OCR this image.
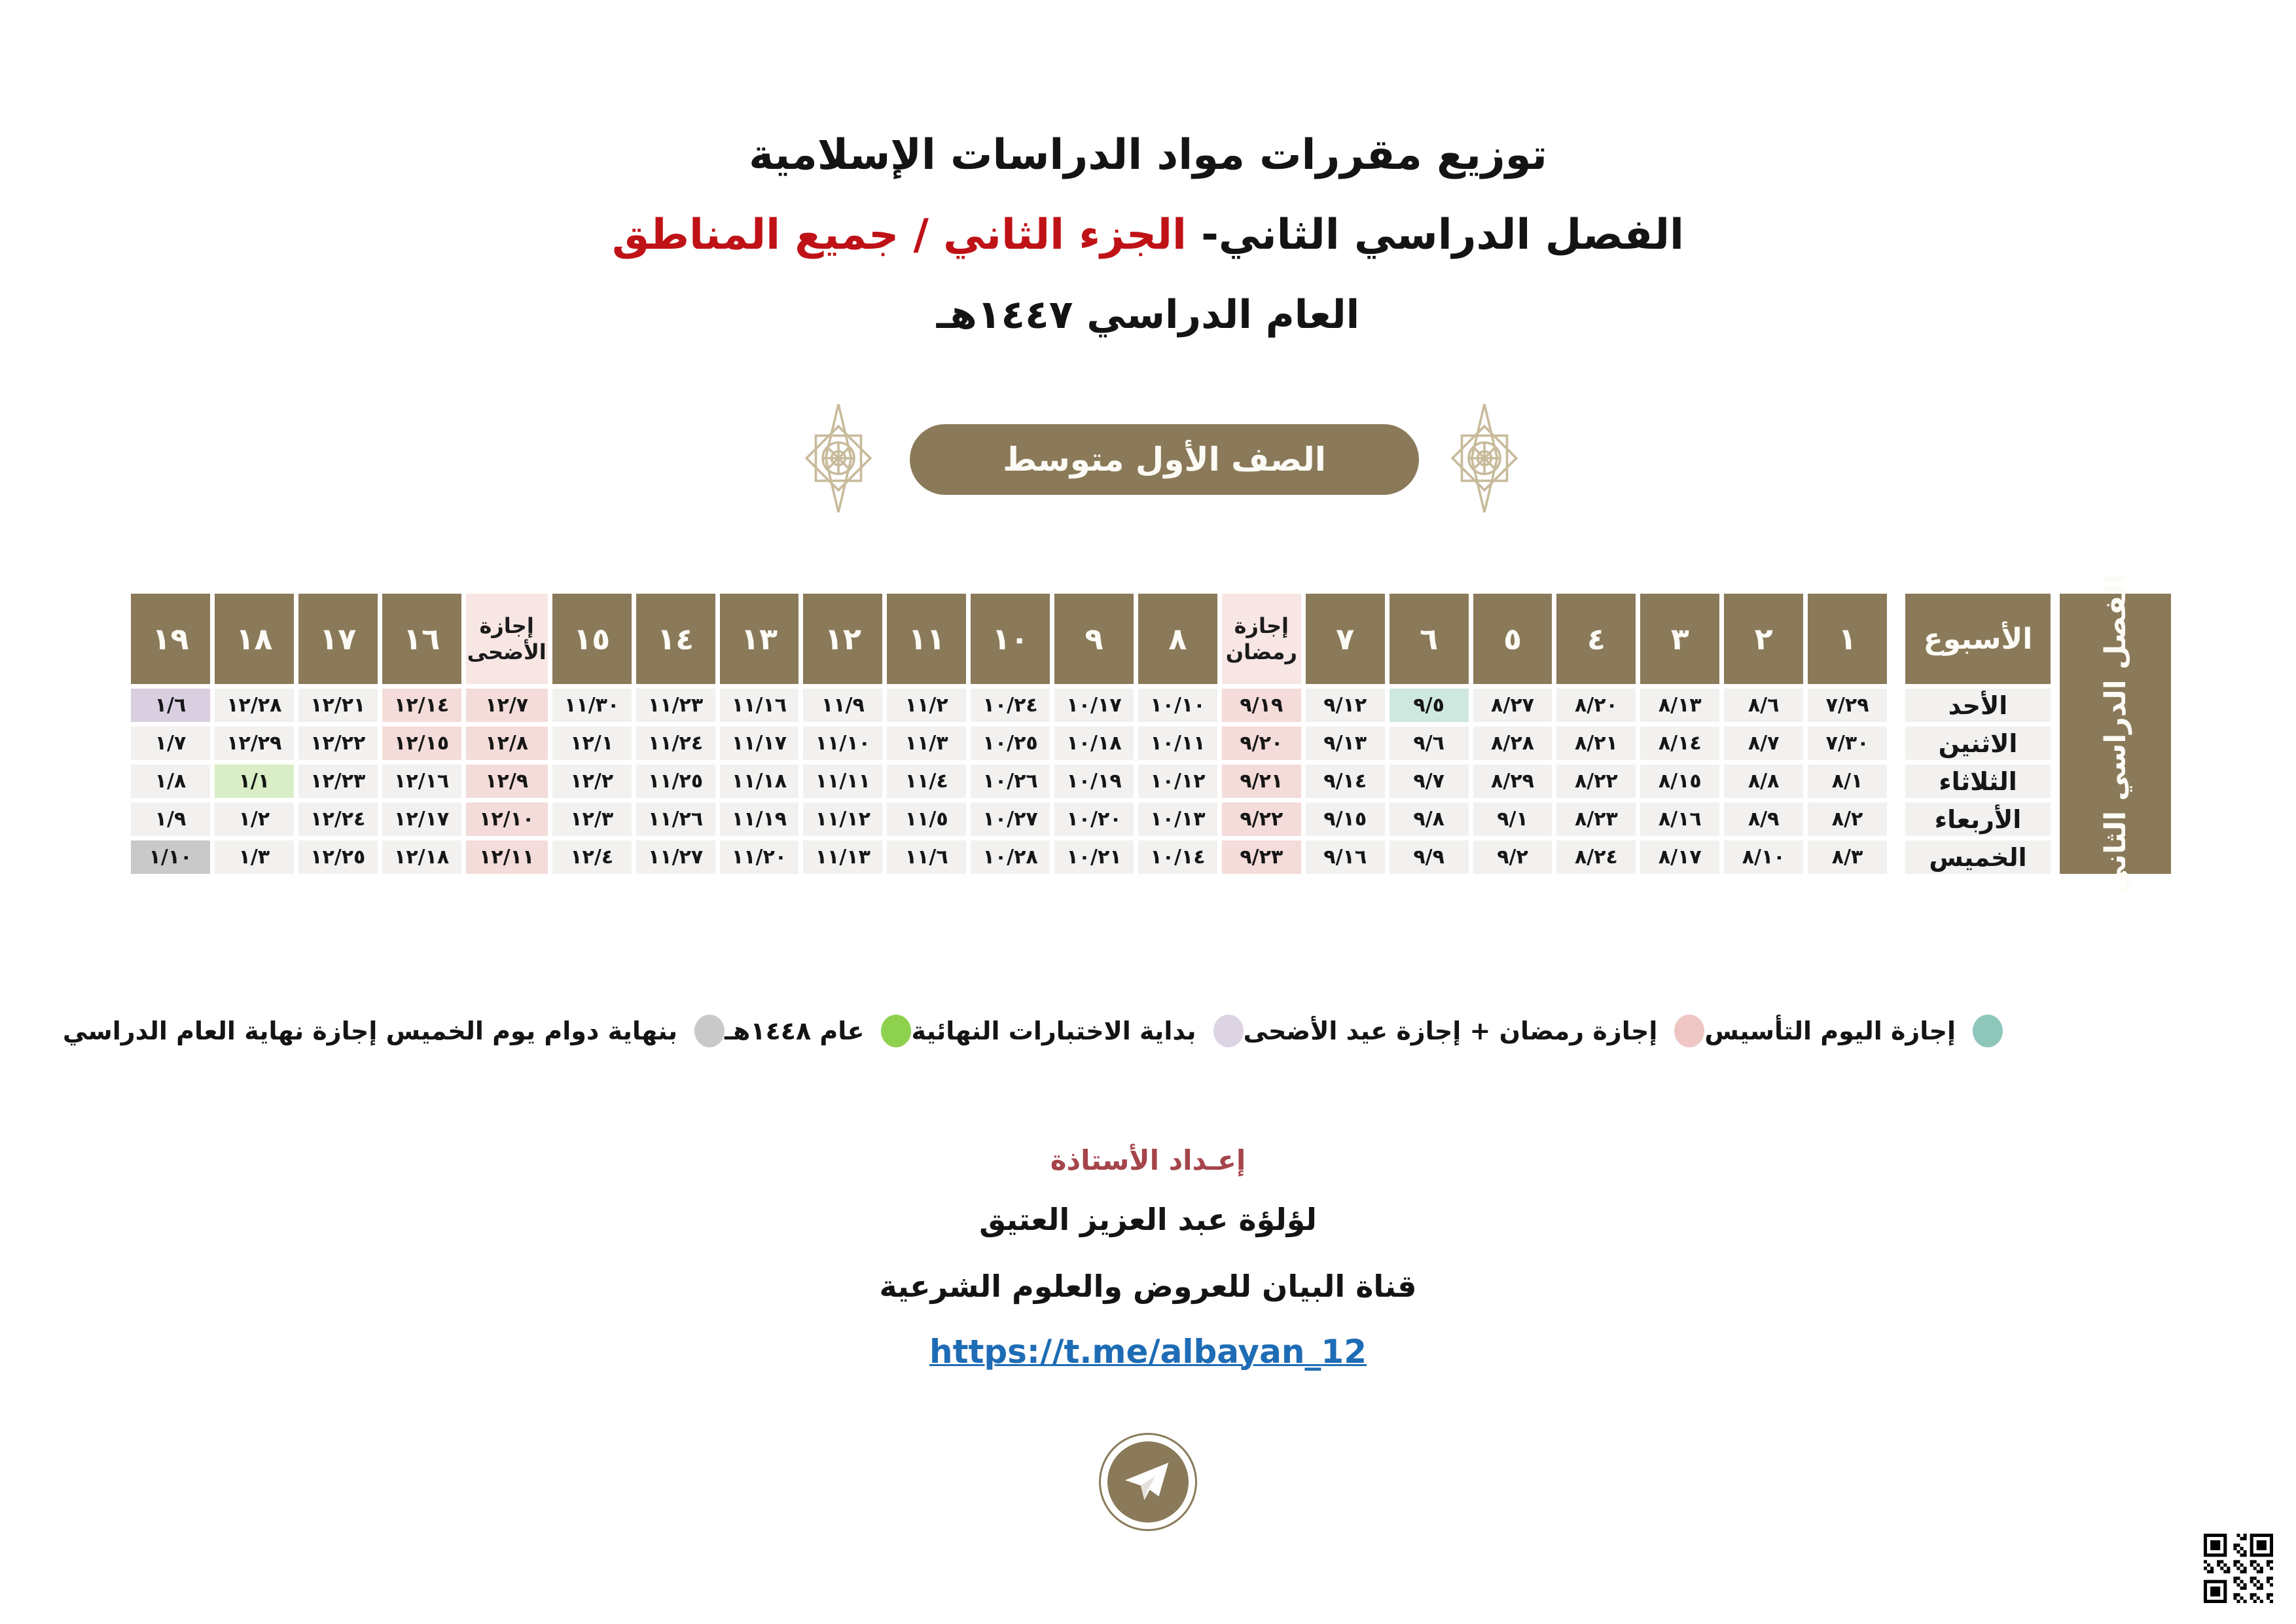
توزيع مقررات مواد الدراسات الإسلامية
الفصل الدراسي الثاني- الجزء الثاني / جميع المناطق
العام الدراسي ١٤٤٧هـ
الصف الأول متوسط
١
٢
٣
٤
٥
٦
٧
إجازة رمضان
٨
٩
١٠
١١
١٢
١٣
١٤
١٥
إجازة الأضحى
١٦
١٧
١٨
١٩
٧/٢٩
٨/٦
٨/١٣
٨/٢٠
٨/٢٧
٩/٥
٩/١٢
٩/١٩
١٠/١٠
١٠/١٧
١٠/٢٤
١١/٢
١١/٩
١١/١٦
١١/٢٣
١١/٣٠
١٢/٧
١٢/١٤
١٢/٢١
١٢/٢٨
١/٦
٧/٣٠
٨/٧
٨/١٤
٨/٢١
٨/٢٨
٩/٦
٩/١٣
٩/٢٠
١٠/١١
١٠/١٨
١٠/٢٥
١١/٣
١١/١٠
١١/١٧
١١/٢٤
١٢/١
١٢/٨
١٢/١٥
١٢/٢٢
١٢/٢٩
١/٧
٨/١
٨/٨
٨/١٥
٨/٢٢
٨/٢٩
٩/٧
٩/١٤
٩/٢١
١٠/١٢
١٠/١٩
١٠/٢٦
١١/٤
١١/١١
١١/١٨
١١/٢٥
١٢/٢
١٢/٩
١٢/١٦
١٢/٢٣
١/١
١/٨
٨/٢
٨/٩
٨/١٦
٨/٢٣
٩/١
٩/٨
٩/١٥
٩/٢٢
١٠/١٣
١٠/٢٠
١٠/٢٧
١١/٥
١١/١٢
١١/١٩
١١/٢٦
١٢/٣
١٢/١٠
١٢/١٧
١٢/٢٤
١/٢
١/٩
٨/٣
٨/١٠
٨/١٧
٨/٢٤
٩/٢
٩/٩
٩/١٦
٩/٢٣
١٠/١٤
١٠/٢١
١٠/٢٨
١١/٦
١١/١٣
١١/٢٠
١١/٢٧
١٢/٤
١٢/١١
١٢/١٨
١٢/٢٥
١/٣
١/١٠
الأسبوع
الأحد
الاثنين
الثلاثاء
الأربعاء
الخميس	الفصل الدراسي الثاني
إجازة اليوم التأسيس
إجازة رمضان + إجازة عيد الأضحى
بداية الاختبارات النهائية
عام ١٤٤٨هـ
بنهاية دوام يوم الخميس إجازة نهاية العام الدراسي
إعـداد الأستاذة
لؤلؤة عبد العزيز العتيق
قناة البيان للعروض والعلوم الشرعية
https://t.me/albayan_12
